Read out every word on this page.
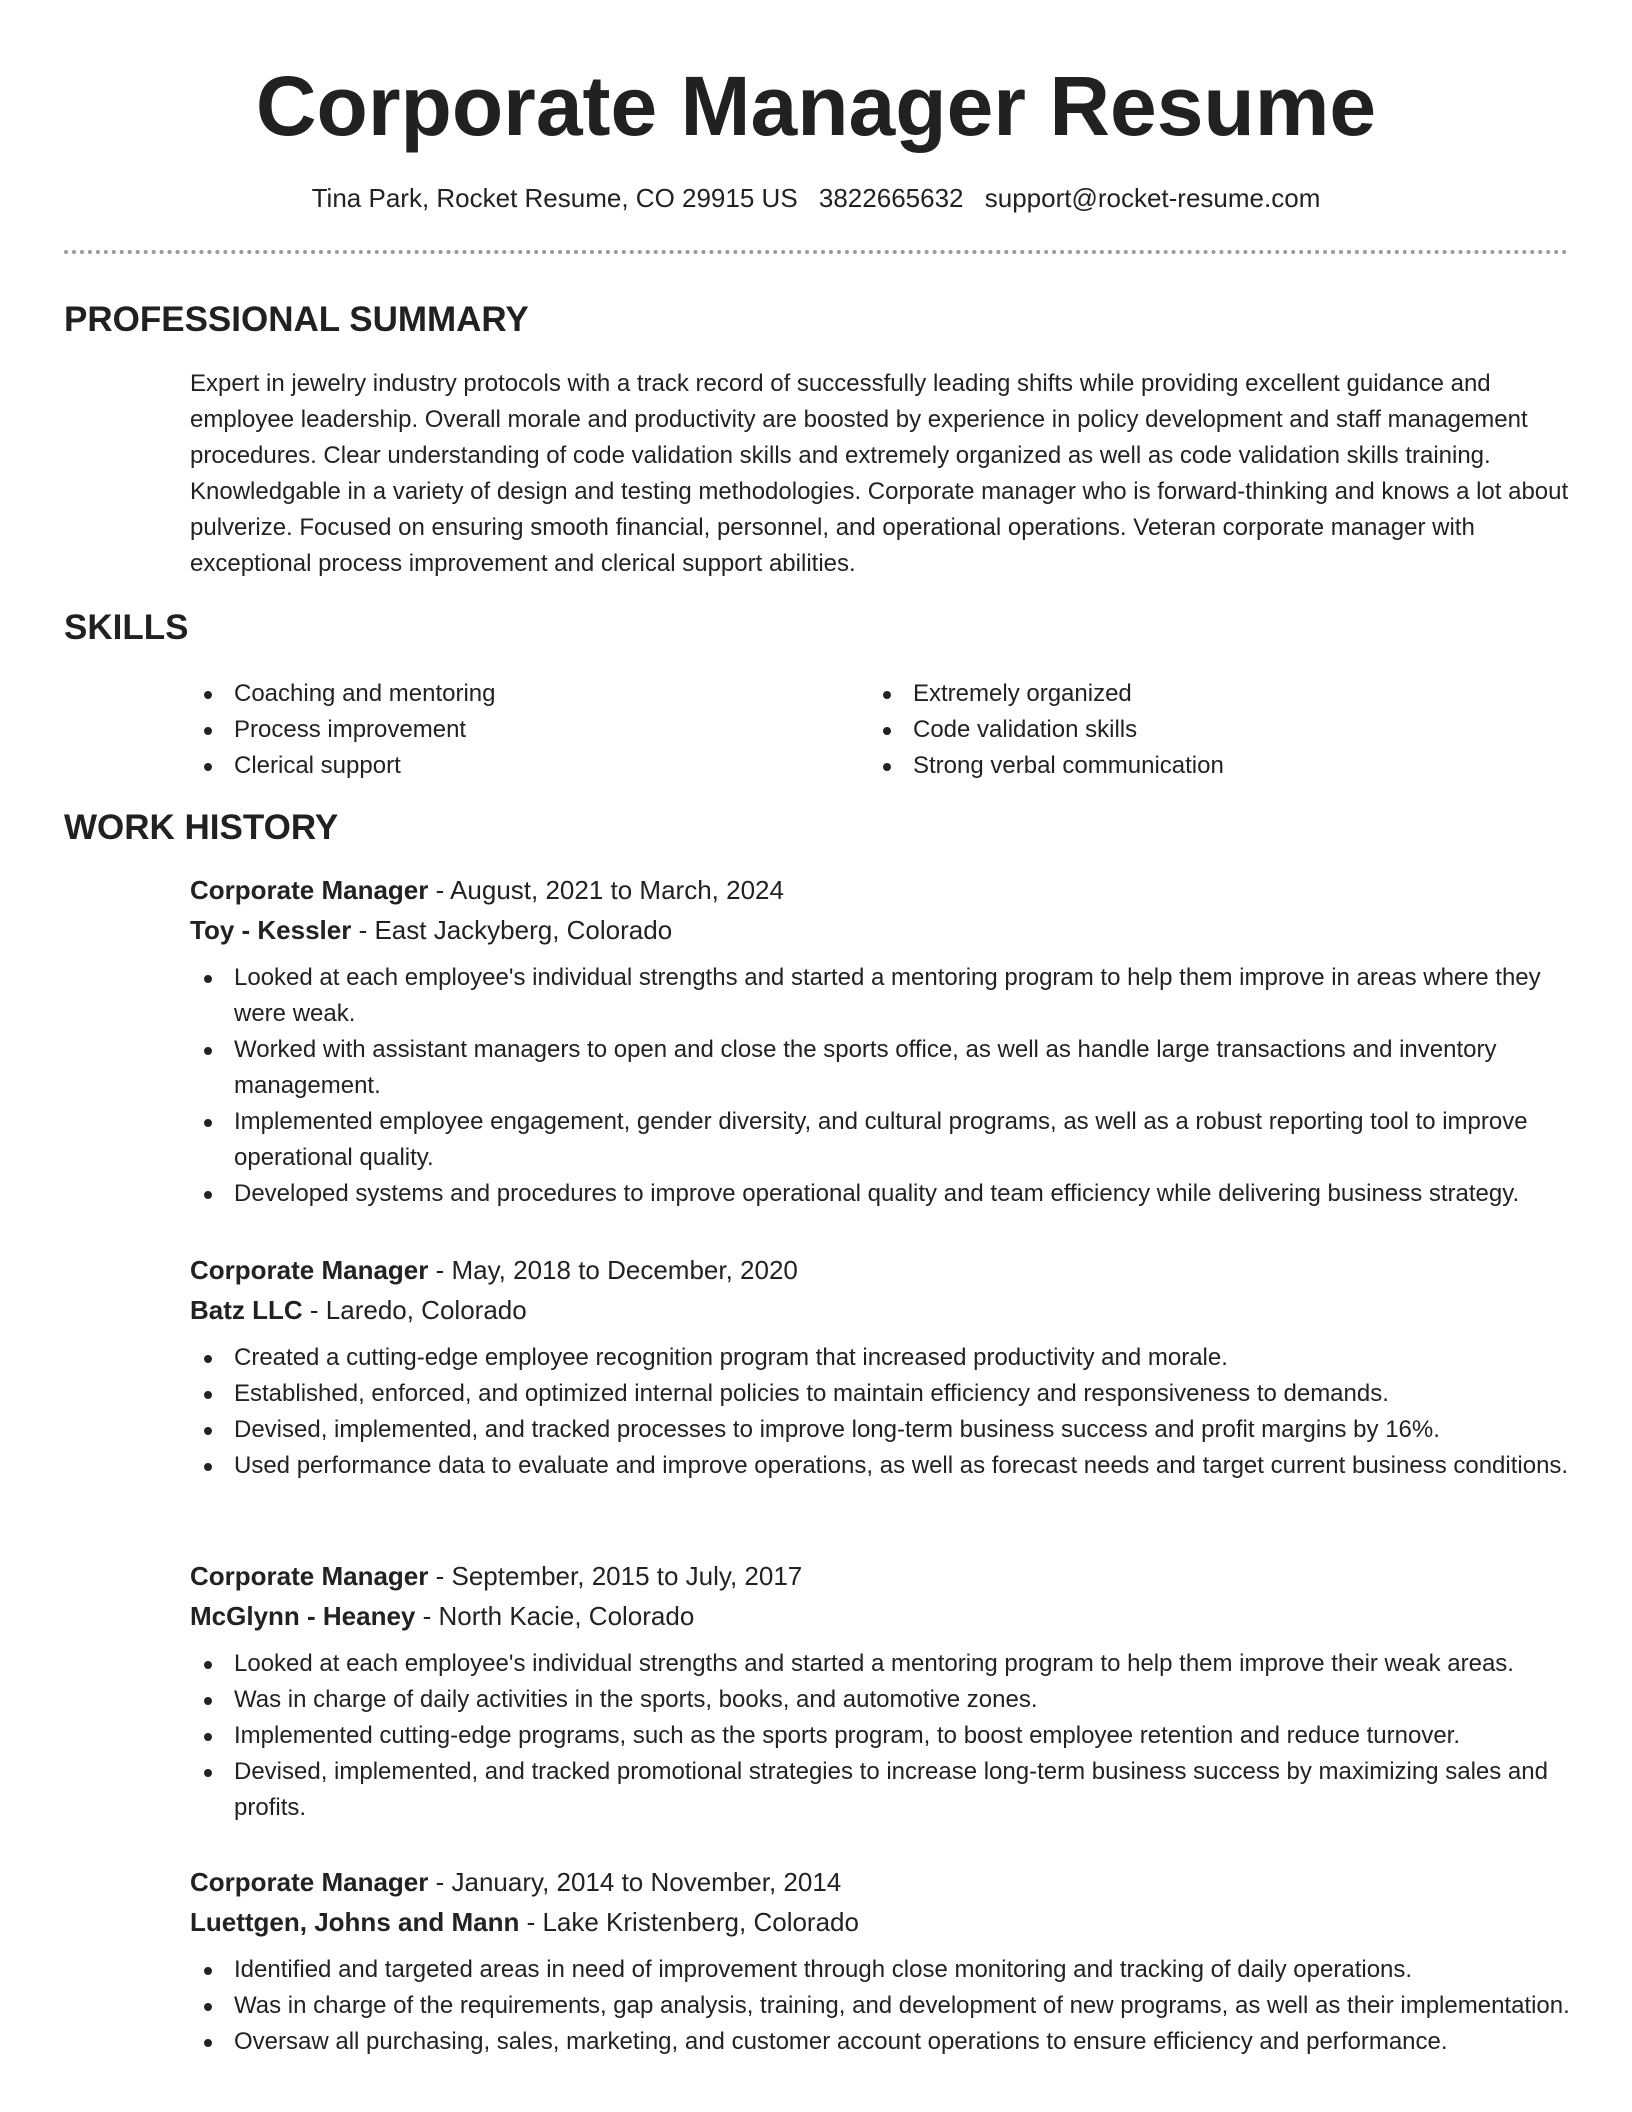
Corporate Manager Resume
Tina Park, Rocket Resume, CO 29915 US 3822665632 support@rocket-resume.com
PROFESSIONAL SUMMARY

Expert in jewelry industry protocols with a track record of successfully leading shifts while providing excellent guidance and employee leadership. Overall morale and productivity are boosted by experience in policy development and staff management procedures. Clear understanding of code validation skills and extremely organized as well as code validation skills training. Knowledgable in a variety of design and testing methodologies. Corporate manager who is forward-thinking and knows a lot about pulverize. Focused on ensuring smooth financial, personnel, and operational operations. Veteran corporate manager with exceptional process improvement and clerical support abilities.

SKILLS
Coaching and mentoring
Process improvement
Clerical support
Extremely organized
Code validation skills
Strong verbal communication
WORK HISTORY
Corporate Manager - August, 2021 to March, 2024
Toy - Kessler - East Jackyberg, Colorado
Looked at each employee's individual strengths and started a mentoring program to help them improve in areas where they were weak.
Worked with assistant managers to open and close the sports office, as well as handle large transactions and inventory management.
Implemented employee engagement, gender diversity, and cultural programs, as well as a robust reporting tool to improve operational quality.
Developed systems and procedures to improve operational quality and team efficiency while delivering business strategy.
Corporate Manager - May, 2018 to December, 2020
Batz LLC - Laredo, Colorado
Created a cutting-edge employee recognition program that increased productivity and morale.
Established, enforced, and optimized internal policies to maintain efficiency and responsiveness to demands.
Devised, implemented, and tracked processes to improve long-term business success and profit margins by 16%.
Used performance data to evaluate and improve operations, as well as forecast needs and target current business conditions.
Corporate Manager - September, 2015 to July, 2017
McGlynn - Heaney - North Kacie, Colorado
Looked at each employee's individual strengths and started a mentoring program to help them improve their weak areas.
Was in charge of daily activities in the sports, books, and automotive zones.
Implemented cutting-edge programs, such as the sports program, to boost employee retention and reduce turnover.
Devised, implemented, and tracked promotional strategies to increase long-term business success by maximizing sales and profits.
Corporate Manager - January, 2014 to November, 2014
Luettgen, Johns and Mann - Lake Kristenberg, Colorado
Identified and targeted areas in need of improvement through close monitoring and tracking of daily operations.
Was in charge of the requirements, gap analysis, training, and development of new programs, as well as their implementation.
Oversaw all purchasing, sales, marketing, and customer account operations to ensure efficiency and performance.
